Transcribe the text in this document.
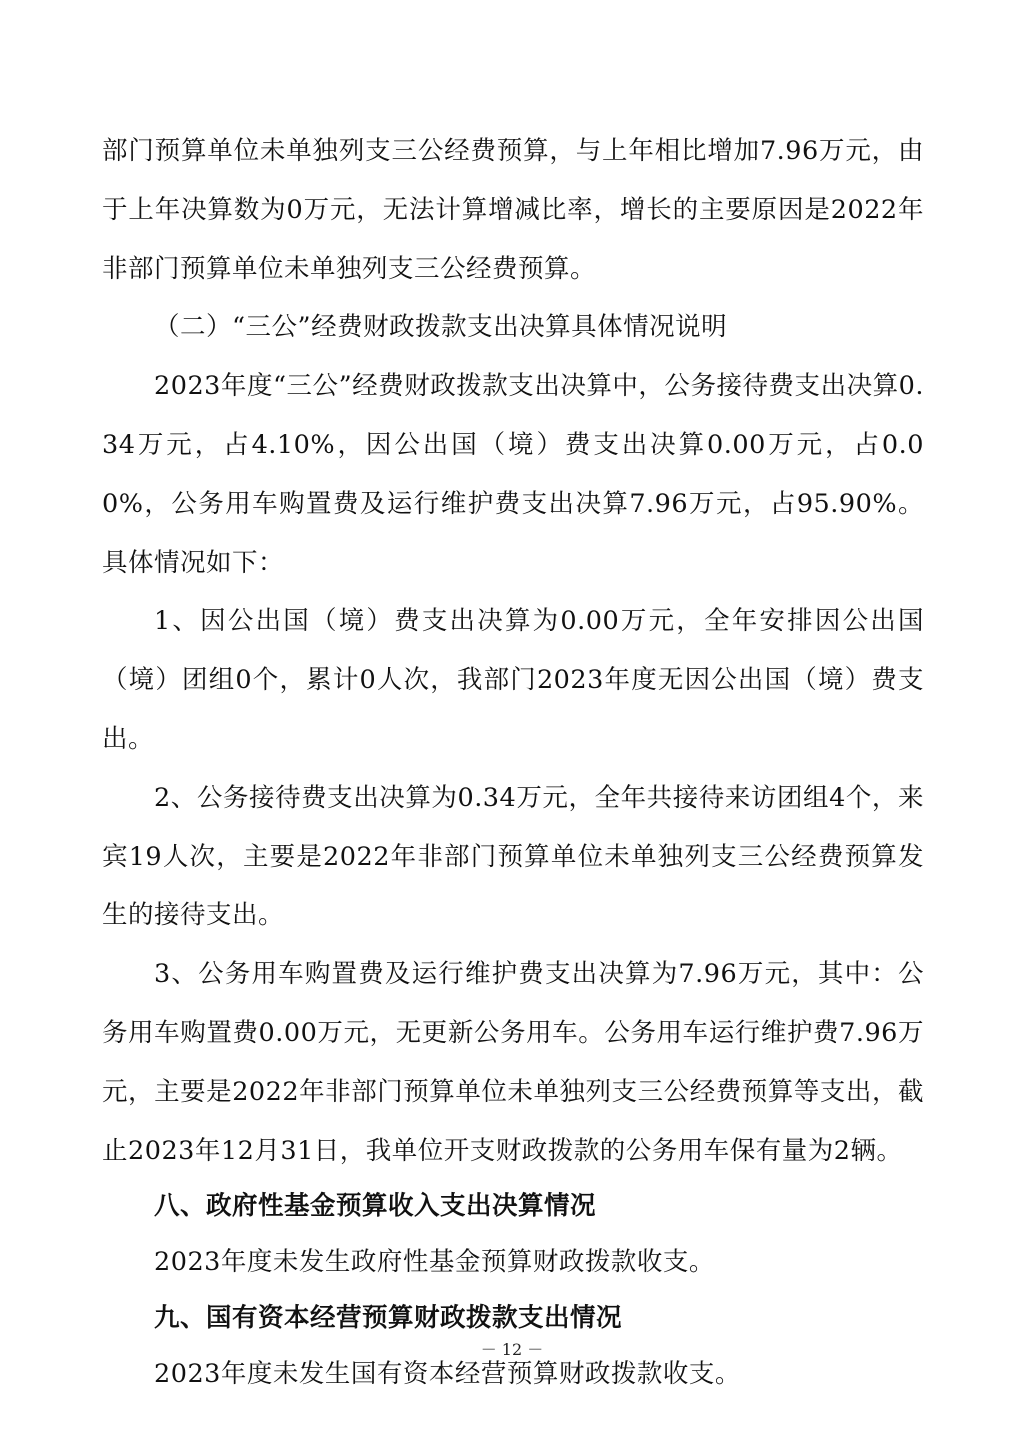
部门预算单位未单独列支三公经费预算，与上年相比增加7.96万元，由于上年决算数为0万元，无法计算增减比率，增长的主要原因是2022年非部门预算单位未单独列支三公经费预算。

（二）“三公”经费财政拨款支出决算具体情况说明

2023年度“三公”经费财政拨款支出决算中，公务接待费支出决算0.34万元，占4.10%，因公出国（境）费支出决算0.00万元，占0.00%，公务用车购置费及运行维护费支出决算7.96万元，占95.90%。具体情况如下：

1、因公出国（境）费支出决算为0.00万元，全年安排因公出国（境）团组0个，累计0人次，我部门2023年度无因公出国（境）费支出。

2、公务接待费支出决算为0.34万元，全年共接待来访团组4个，来宾19人次，主要是2022年非部门预算单位未单独列支三公经费预算发生的接待支出。

3、公务用车购置费及运行维护费支出决算为7.96万元，其中：公务用车购置费0.00万元，无更新公务用车。公务用车运行维护费7.96万元，主要是2022年非部门预算单位未单独列支三公经费预算等支出，截止2023年12月31日，我单位开支财政拨款的公务用车保有量为2辆。

八、政府性基金预算收入支出决算情况

2023年度未发生政府性基金预算财政拨款收支。

九、国有资本经营预算财政拨款支出情况

2023年度未发生国有资本经营预算财政拨款收支。

－ 12 －
